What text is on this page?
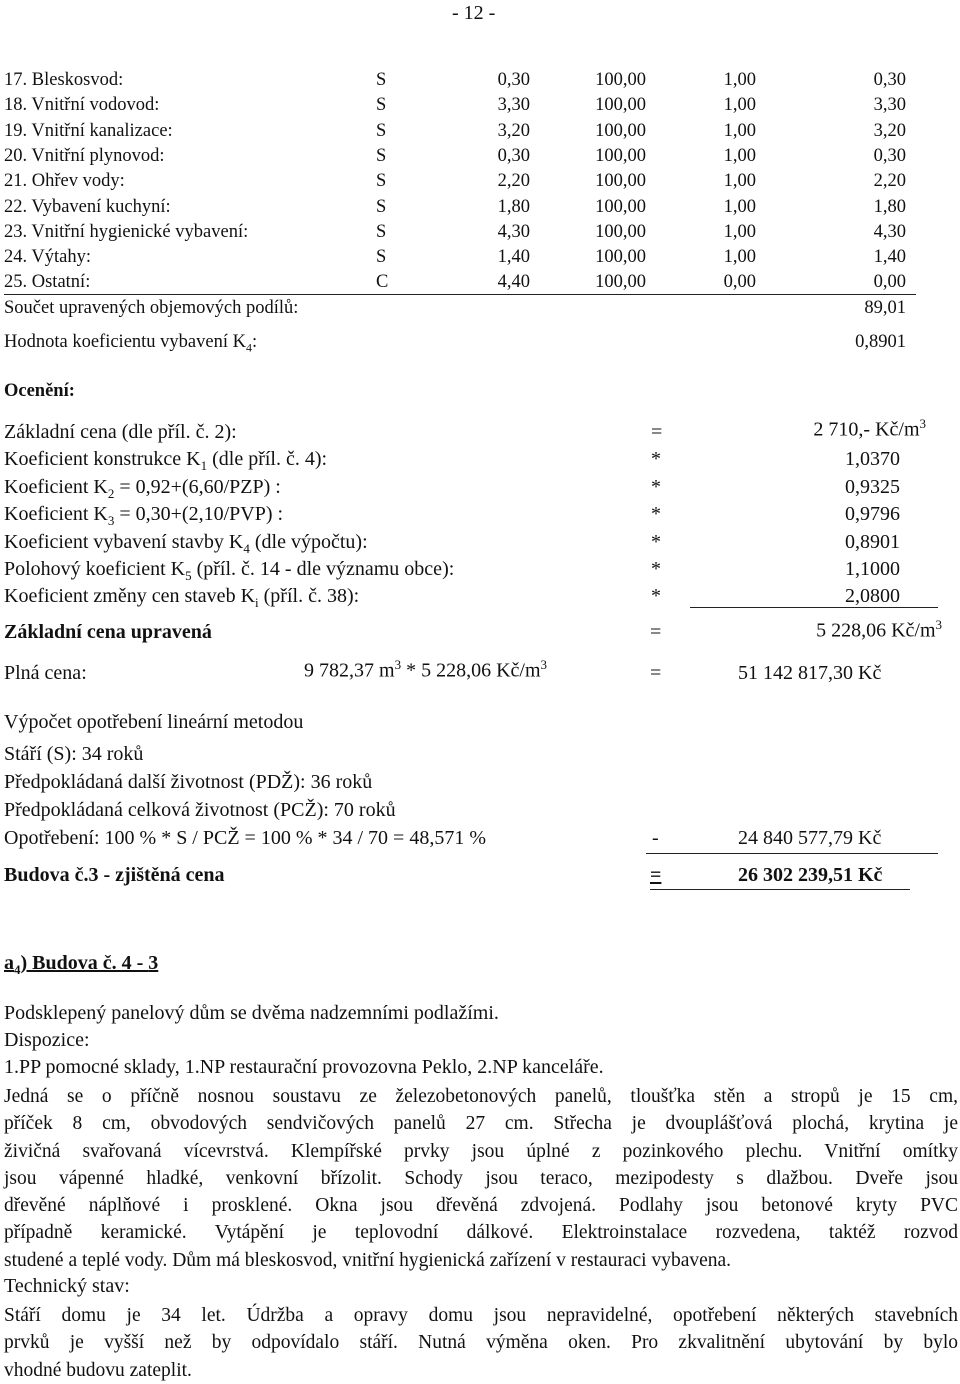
- 12 -
17. Bleskosvod:	S	0,30	100,00	1,00	0,30
18. Vnitřní vodovod:	S	3,30	100,00	1,00	3,30
19. Vnitřní kanalizace:	S	3,20	100,00	1,00	3,20
20. Vnitřní plynovod:	S	0,30	100,00	1,00	0,30
21. Ohřev vody:	S	2,20	100,00	1,00	2,20
22. Vybavení kuchyní:	S	1,80	100,00	1,00	1,80
23. Vnitřní hygienické vybavení:	S	4,30	100,00	1,00	4,30
24. Výtahy:	S	1,40	100,00	1,00	1,40
25. Ostatní:	C	4,40	100,00	0,00	0,00
Součet upravených objemových podílů:	89,01
Hodnota koeficientu vybavení $K_4$:	0,8901
Ocenění:
Základní cena (dle příl. č. 2):	=	2 710,- $Kč/m^3$
Koeficient konstrukce $K_1$ (dle příl. č. 4):	*	1,0370
Koeficient $K_2 = 0,92+(6,60/PZP)$ :	*	0,9325
Koeficient $K_3 = 0,30+(2,10/PVP)$ :	*	0,9796
Koeficient vybavení stavby $K_4$ (dle výpočtu):	*	0,8901
Polohový koeficient $K_5$ (příl. č. 14 - dle významu obce):	*	1,1000
Koeficient změny cen staveb $K_i$ (příl. č. 38):	*	2,0800
Základní cena upravená	=	5 228,06 $Kč/m^3$
Plná cena:	9 782,37 $m^3 * 5$ 228,06 $Kč/m^3$	=	51 142 817,30 Kč
Výpočet opotřebení lineární metodou
Stáří (S): 34 roků
Předpokládaná další životnost (PDŽ): 36 roků
Předpokládaná celková životnost (PCŽ): 70 roků
Opotřebení: 100 % * S / PCŽ = 100 % * 34 / 70 = 48,571 %	-	24 840 577,79 Kč
Budova č.3 - zjištěná cena	=	26 302 239,51 Kč
$a_4$) Budova č. 4 - 3
Podsklepený panelový dům se dvěma nadzemními podlažími.
Dispozice:
1.PP pomocné sklady, 1.NP restaurační provozovna Peklo, 2.NP kanceláře.
Jedná se o příčně nosnou soustavu ze železobetonových panelů, tloušťka stěn a stropů je 15 cm,
příček 8 cm, obvodových sendvičových panelů 27 cm. Střecha je dvouplášťová plochá, krytina je
živičná svařovaná vícevrstvá. Klempířské prvky jsou úplné z pozinkového plechu. Vnitřní omítky
jsou vápenné hladké, venkovní břízolit. Schody jsou teraco, mezipodesty s dlažbou. Dveře jsou
dřevěné náplňové i prosklené. Okna jsou dřevěná zdvojená. Podlahy jsou betonové kryty PVC
případně keramické. Vytápění je teplovodní dálkové. Elektroinstalace rozvedena, taktéž rozvod
studené a teplé vody. Dům má bleskosvod, vnitřní hygienická zařízení v restauraci vybavena.
Technický stav:
Stáří domu je 34 let. Údržba a opravy domu jsou nepravidelné, opotřebení některých stavebních
prvků je vyšší než by odpovídalo stáří. Nutná výměna oken. Pro zkvalitnění ubytování by bylo
vhodné budovu zateplit.
